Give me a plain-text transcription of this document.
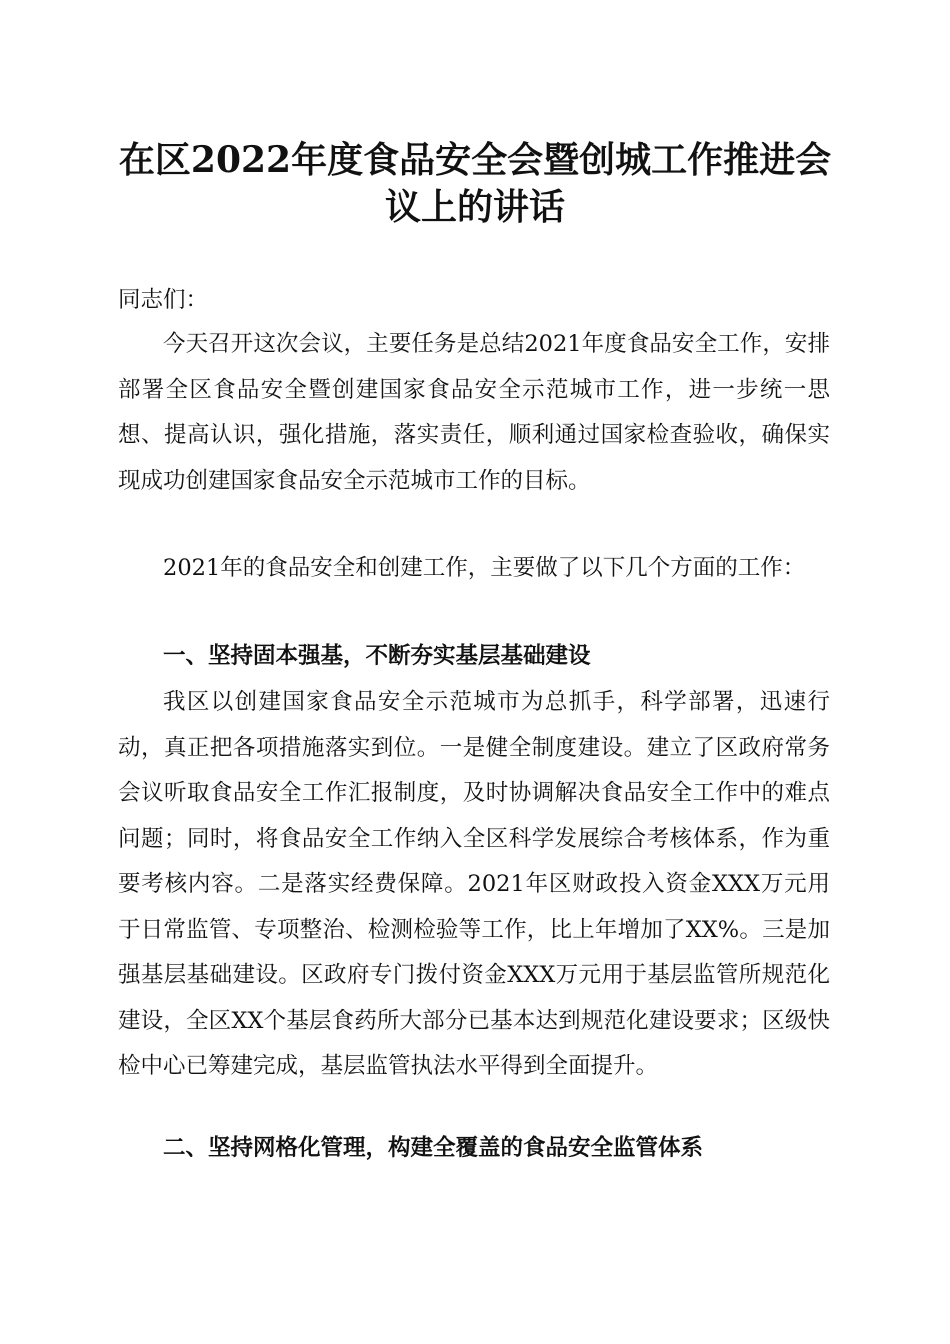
在区2022年度食品安全会暨创城工作推进会
议上的讲话

同志们：

今天召开这次会议，主要任务是总结2021年度食品安全工作，安排部署全区食品安全暨创建国家食品安全示范城市工作，进一步统一思想、提高认识，强化措施，落实责任，顺利通过国家检查验收，确保实现成功创建国家食品安全示范城市工作的目标。

2021年的食品安全和创建工作，主要做了以下几个方面的工作：

一、坚持固本强基，不断夯实基层基础建设

我区以创建国家食品安全示范城市为总抓手，科学部署，迅速行动，真正把各项措施落实到位。一是健全制度建设。建立了区政府常务会议听取食品安全工作汇报制度，及时协调解决食品安全工作中的难点问题；同时，将食品安全工作纳入全区科学发展综合考核体系，作为重要考核内容。二是落实经费保障。2021年区财政投入资金XXX万元用于日常监管、专项整治、检测检验等工作，比上年增加了XX%。三是加强基层基础建设。区政府专门拨付资金XXX万元用于基层监管所规范化建设，全区XX个基层食药所大部分已基本达到规范化建设要求；区级快检中心已筹建完成，基层监管执法水平得到全面提升。

二、坚持网格化管理，构建全覆盖的食品安全监管体系
